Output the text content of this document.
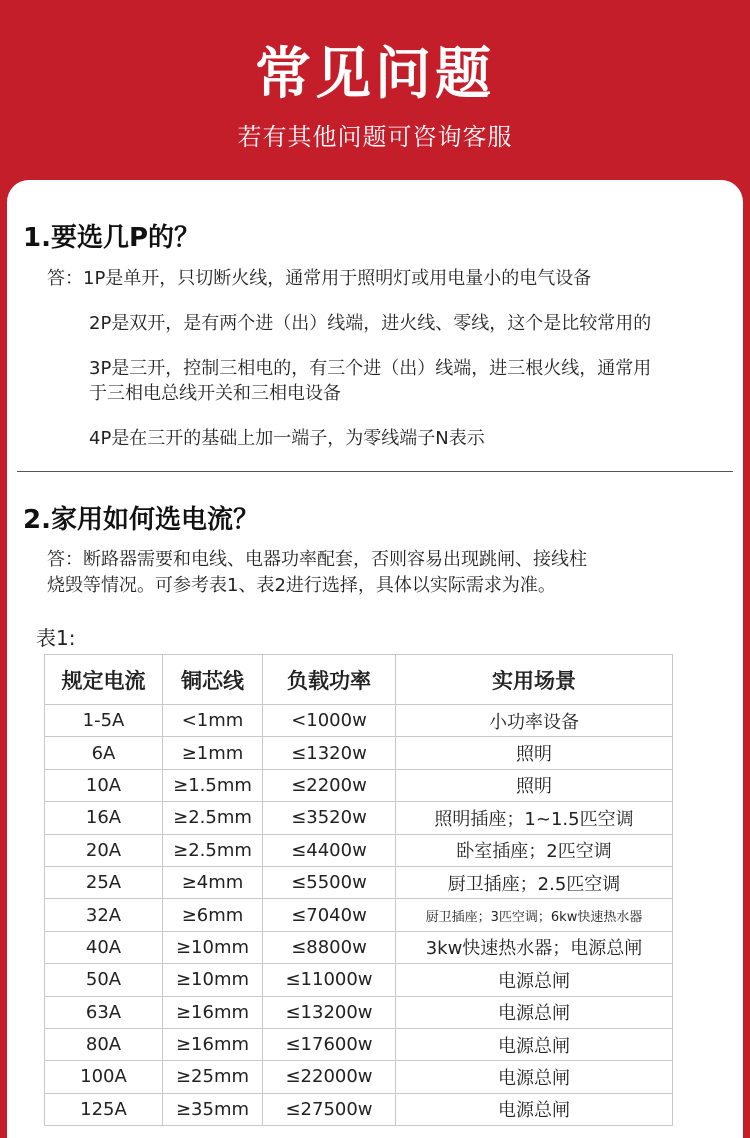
常见问题
若有其他问题可咨询客服
1.要选几P的？
答：1P是单开，只切断火线，通常用于照明灯或用电量小的电气设备
2P是双开，是有两个进（出）线端，进火线、零线，这个是比较常用的
3P是三开，控制三相电的，有三个进（出）线端，进三根火线，通常用
于三相电总线开关和三相电设备
4P是在三开的基础上加一端子，为零线端子N表示
2.家用如何选电流？
答：断路器需要和电线、电器功率配套，否则容易出现跳闸、接线柱
烧毁等情况。可参考表1、表2进行选择，具体以实际需求为准。
表1:
规定电流	铜芯线	负载功率	实用场景
1-5A	<1mm	<1000w	小功率设备
6A	≥1mm	≤1320w	照明
10A	≥1.5mm	≤2200w	照明
16A	≥2.5mm	≤3520w	照明插座；1~1.5匹空调
20A	≥2.5mm	≤4400w	卧室插座；2匹空调
25A	≥4mm	≤5500w	厨卫插座；2.5匹空调
32A	≥6mm	≤7040w	厨卫插座；3匹空调；6kw快速热水器
40A	≥10mm	≤8800w	3kw快速热水器；电源总闸
50A	≥10mm	≤11000w	电源总闸
63A	≥16mm	≤13200w	电源总闸
80A	≥16mm	≤17600w	电源总闸
100A	≥25mm	≤22000w	电源总闸
125A	≥35mm	≤27500w	电源总闸
